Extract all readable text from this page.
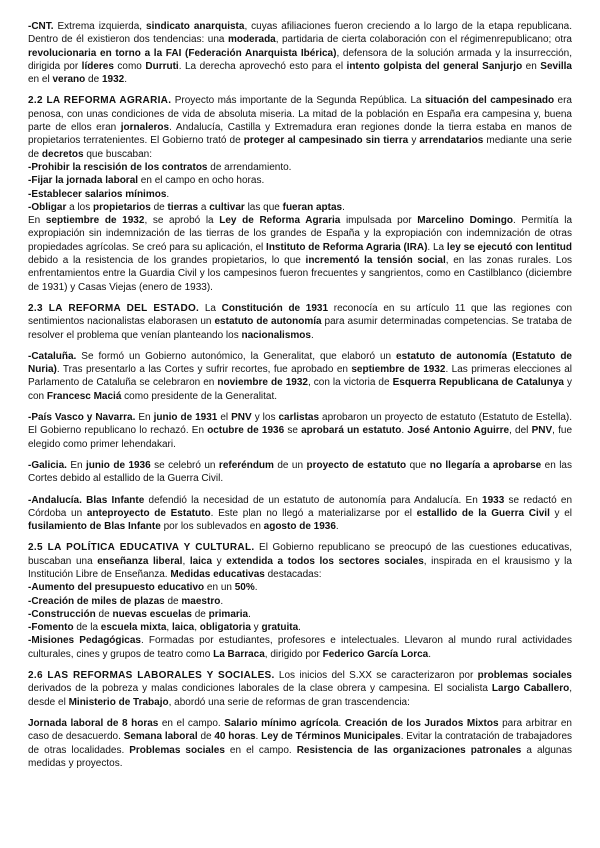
-CNT. Extrema izquierda, sindicato anarquista, cuyas afiliaciones fueron creciendo a lo largo de la etapa republicana. Dentro de él existieron dos tendencias: una moderada, partidaria de cierta colaboración con el régimenrepublicano; otra revolucionaria en torno a la FAI (Federación Anarquista Ibérica), defensora de la solución armada y la insurrección, dirigida por líderes como Durruti. La derecha aprovechó esto para el intento golpista del general Sanjurjo en Sevilla en el verano de 1932.

2.2 LA REFORMA AGRARIA. Proyecto más importante de la Segunda República. La situación del campesinado era penosa, con unas condiciones de vida de absoluta miseria. La mitad de la población en España era campesina y, buena parte de ellos eran jornaleros. Andalucía, Castilla y Extremadura eran regiones donde la tierra estaba en manos de propietarios terratenientes. El Gobierno trató de proteger al campesinado sin tierra y arrendatarios mediante una serie de decretos que buscaban:

-Prohibir la rescisión de los contratos de arrendamiento.

-Fijar la jornada laboral en el campo en ocho horas.

-Establecer salarios mínimos.

-Obligar a los propietarios de tierras a cultivar las que fueran aptas.

En septiembre de 1932, se aprobó la Ley de Reforma Agraria impulsada por Marcelino Domingo. Permitía la expropiación sin indemnización de las tierras de los grandes de España y la expropiación con indemnización de otras propiedades agrícolas. Se creó para su aplicación, el Instituto de Reforma Agraria (IRA). La ley se ejecutó con lentitud debido a la resistencia de los grandes propietarios, lo que incrementó la tensión social, en las zonas rurales. Los enfrentamientos entre la Guardia Civil y los campesinos fueron frecuentes y sangrientos, como en Castilblanco (diciembre de 1931) y Casas Viejas (enero de 1933).

2.3 LA REFORMA DEL ESTADO. La Constitución de 1931 reconocía en su artículo 11 que las regiones con sentimientos nacionalistas elaborasen un estatuto de autonomía para asumir determinadas competencias. Se trataba de resolver el problema que venían planteando los nacionalismos.

-Cataluña. Se formó un Gobierno autonómico, la Generalitat, que elaboró un estatuto de autonomía (Estatuto de Nuria). Tras presentarlo a las Cortes y sufrir recortes, fue aprobado en septiembre de 1932. Las primeras elecciones al Parlamento de Cataluña se celebraron en noviembre de 1932, con la victoria de Esquerra Republicana de Catalunya y con Francesc Maciá como presidente de la Generalitat.

-País Vasco y Navarra. En junio de 1931 el PNV y los carlistas aprobaron un proyecto de estatuto (Estatuto de Estella). El Gobierno republicano lo rechazó. En octubre de 1936 se aprobará un estatuto. José Antonio Aguirre, del PNV, fue elegido como primer lehendakari.

-Galicia. En junio de 1936 se celebró un referéndum de un proyecto de estatuto que no llegaría a aprobarse en las Cortes debido al estallido de la Guerra Civil.

-Andalucía. Blas Infante defendió la necesidad de un estatuto de autonomía para Andalucía. En 1933 se redactó en Córdoba un anteproyecto de Estatuto. Este plan no llegó a materializarse por el estallido de la Guerra Civil y el fusilamiento de Blas Infante por los sublevados en agosto de 1936.

2.5 LA POLÍTICA EDUCATIVA Y CULTURAL. El Gobierno republicano se preocupó de las cuestiones educativas, buscaban una enseñanza liberal, laica y extendida a todos los sectores sociales, inspirada en el krausismo y la Institución Libre de Enseñanza. Medidas educativas destacadas:

-Aumento del presupuesto educativo en un 50%.

-Creación de miles de plazas de maestro.

-Construcción de nuevas escuelas de primaria.

-Fomento de la escuela mixta, laica, obligatoria y gratuita.

-Misiones Pedagógicas. Formadas por estudiantes, profesores e intelectuales. Llevaron al mundo rural actividades culturales, cines y grupos de teatro como La Barraca, dirigido por Federico García Lorca.

2.6 LAS REFORMAS LABORALES Y SOCIALES. Los inicios del S.XX se caracterizaron por problemas sociales derivados de la pobreza y malas condiciones laborales de la clase obrera y campesina. El socialista Largo Caballero, desde el Ministerio de Trabajo, abordó una serie de reformas de gran trascendencia:

Jornada laboral de 8 horas en el campo. Salario mínimo agrícola. Creación de los Jurados Mixtos para arbitrar en caso de desacuerdo. Semana laboral de 40 horas. Ley de Términos Municipales. Evitar la contratación de trabajadores de otras localidades. Problemas sociales en el campo. Resistencia de las organizaciones patronales a algunas medidas y proyectos.
